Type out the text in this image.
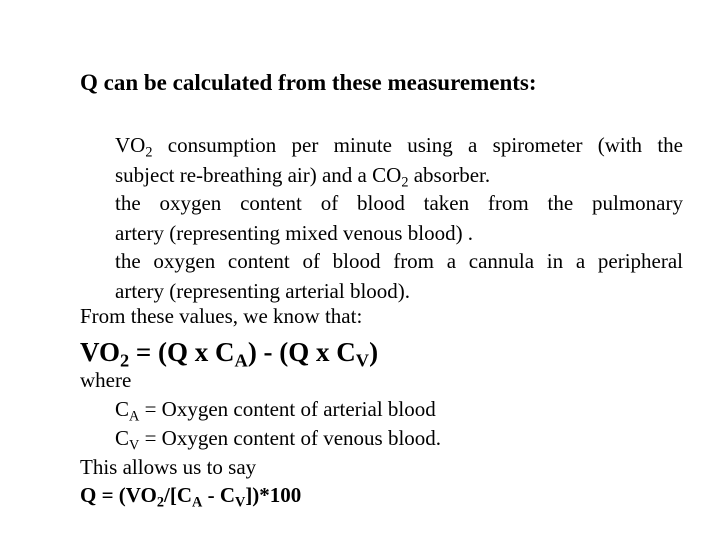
Q can be calculated from these measurements:
$VO_2$ consumption per minute using a spirometer (with the
subject re-breathing air) and a $CO_2$ absorber.
the oxygen content of blood taken from the pulmonary
artery (representing mixed venous blood) .
the oxygen content of blood from a cannula in a peripheral
artery (representing arterial blood).
From these values, we know that:
$VO_2 = (Q$ x $C_A) - (Q$ x $C_V$)
where
$C_A$ = Oxygen content of arterial blood
$C_V$ = Oxygen content of venous blood.
This allows us to say
$Q = (VO_2/[C_A - C_V])*100$
